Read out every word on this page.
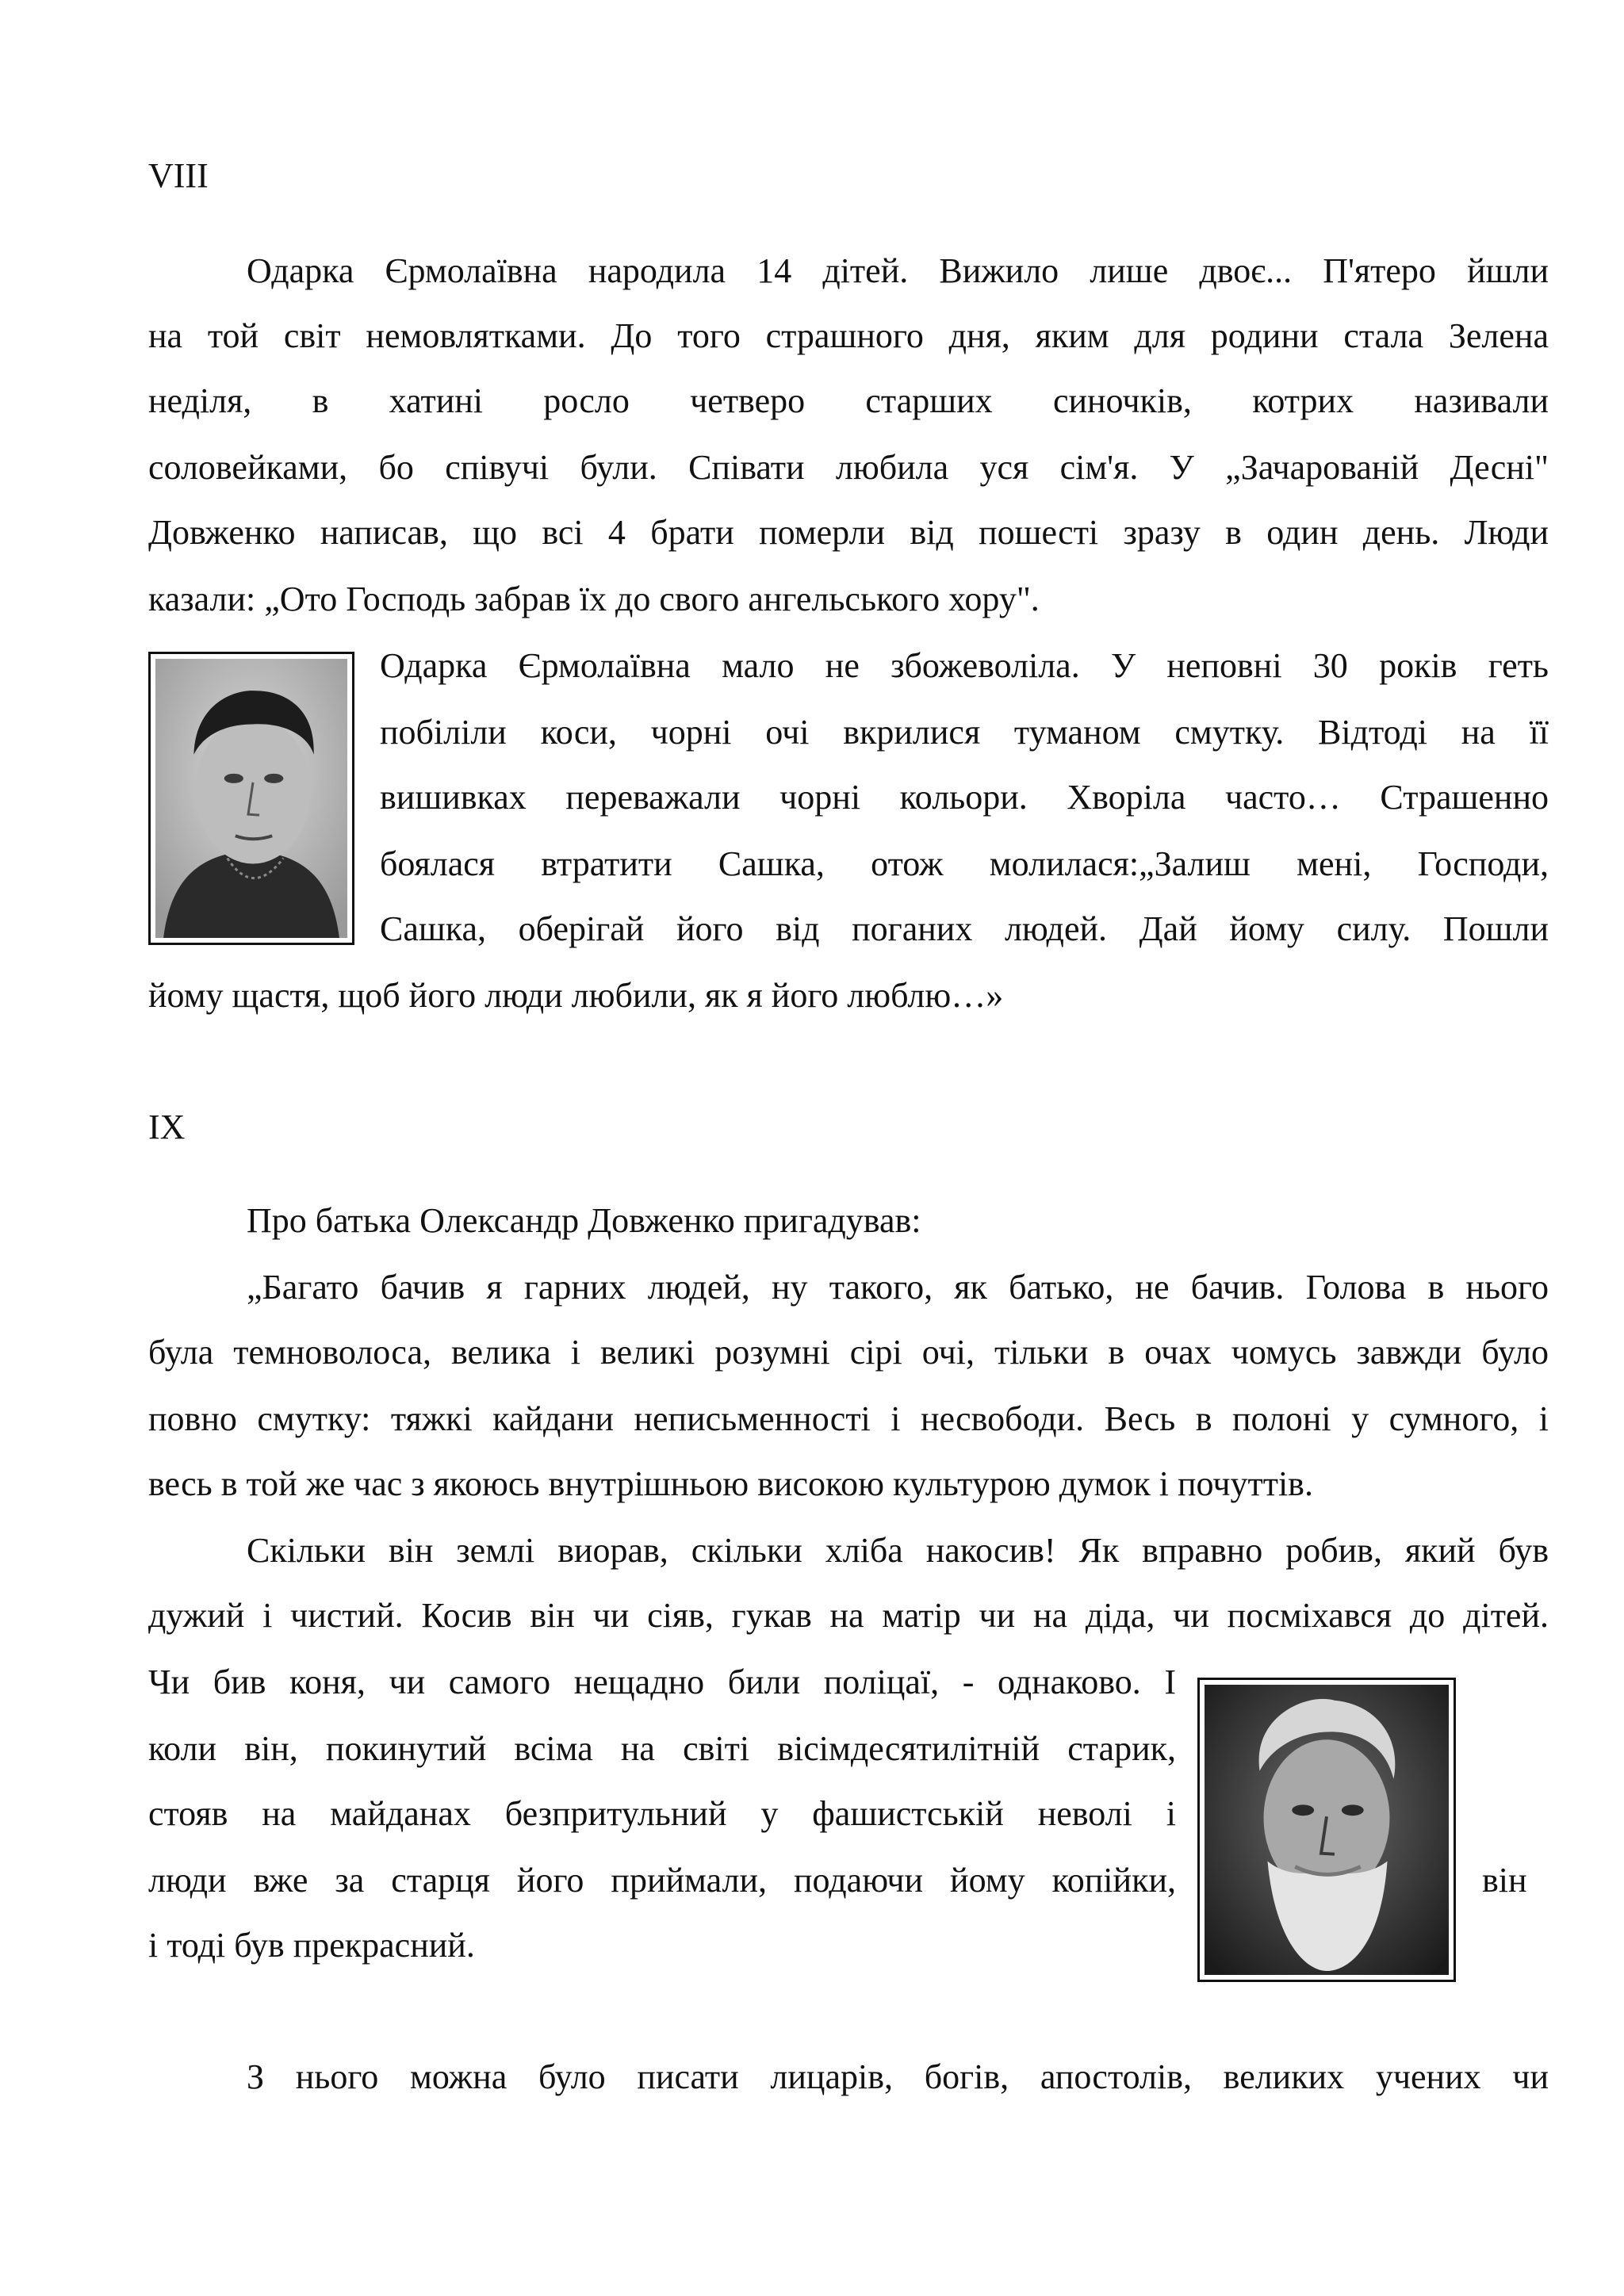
VIII
Одарка Єрмолаївна народила 14 дітей. Вижило лише двоє... П'ятеро йшли
на той світ немовлятками. До того страшного дня, яким для родини стала Зелена
неділя, в хатині росло четверо старших синочків, котрих називали
соловейками, бо співучі були. Співати любила уся сім'я. У „Зачарованій Десні"
Довженко написав, що всі 4 брати померли від пошесті зразу в один день. Люди
казали: „Ото Господь забрав їх до свого ангельського хору".
Одарка Єрмолаївна мало не збожеволіла. У неповні 30 років геть
побіліли коси, чорні очі вкрилися туманом смутку. Відтоді на її
вишивках переважали чорні кольори. Хворіла часто… Страшенно
боялася втратити Сашка, отож молилася:„Залиш мені, Господи,
Сашка, оберігай його від поганих людей. Дай йому силу. Пошли
йому щастя, щоб його люди любили, як я його люблю…»
IX
Про батька Олександр Довженко пригадував:
„Багато бачив я гарних людей, ну такого, як батько, не бачив. Голова в нього
була темноволоса, велика і великі розумні сірі очі, тільки в очах чомусь завжди було
повно смутку: тяжкі кайдани неписьменності і несвободи. Весь в полоні у сумного, і
весь в той же час з якоюсь внутрішньою високою культурою думок і почуттів.
Скільки він землі виорав, скільки хліба накосив! Як вправно робив, який був
дужий і чистий. Косив він чи сіяв, гукав на матір чи на діда, чи посміхався до дітей.
Чи бив коня, чи самого нещадно били поліцаї, - однаково. І
коли він, покинутий всіма на світі вісімдесятилітній старик,
стояв на майданах безпритульний у фашистській неволі і
люди вже за старця його приймали, подаючи йому копійки,	він
і тоді був прекрасний.
З нього можна було писати лицарів, богів, апостолів, великих учених чи
